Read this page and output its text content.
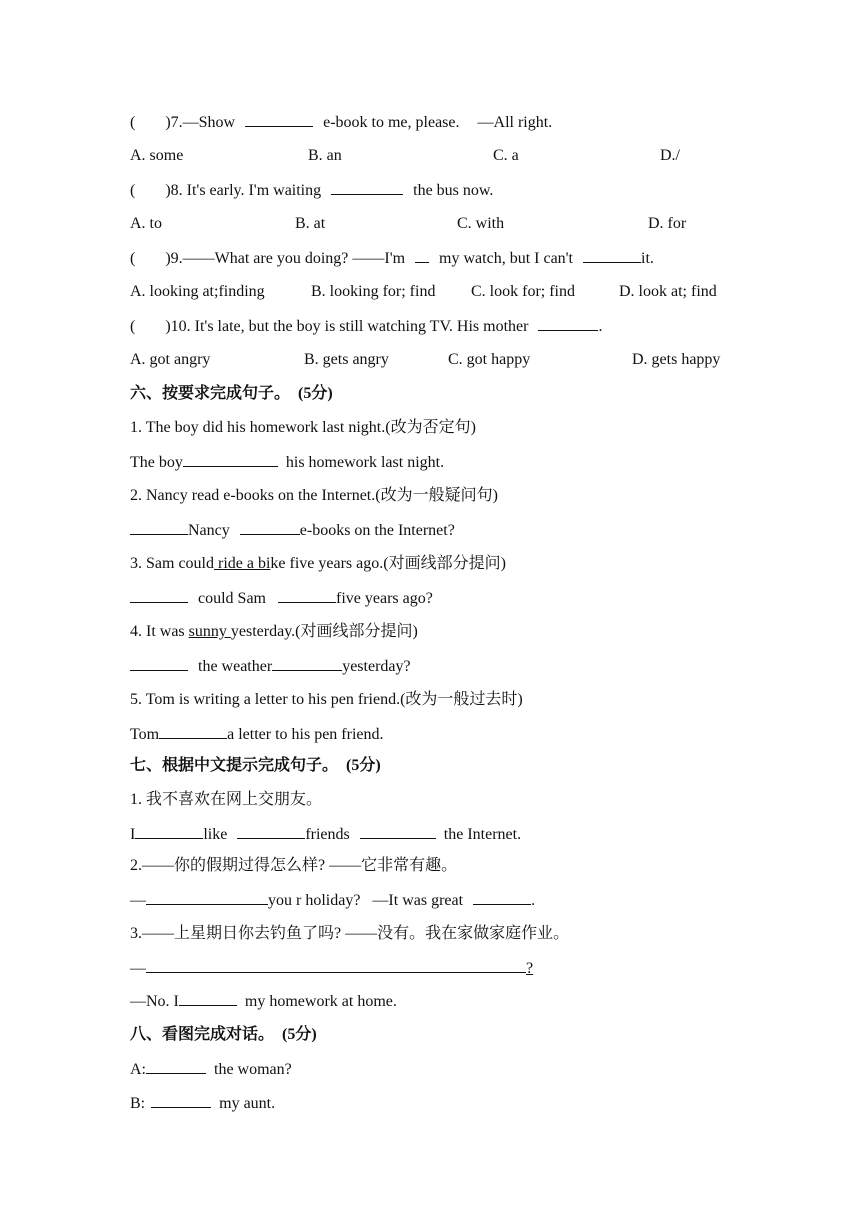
( )7.—Show	e-book to me, please. —All right.
A. some	B. an	C. a	D./
( )8. It's early. I'm waiting	the bus now.
A. to	B. at	C. with	D. for
( )9.——What are you doing? ——I'm my watch, but I can't	it.
A. looking at;finding	B. looking for; find C. look for; find	D. look at; find
( )10. It's late, but the boy is still watching TV. His mother	.
A. got angry	B. gets angry	C. got happy	D. gets happy
六、按要求完成句子。 (5分)
1. The boy did his homework last night.(改为否定句)
The boy	his homework last night.
2. Nancy read e-books on the Internet.(改为一般疑问句)
Nancy	e-books on the Internet?
3. Sam could ride a bike five years ago.(对画线部分提问)
could Sam	five years ago?
4. It was sunny yesterday.(对画线部分提问)
the weather	yesterday?
5. Tom is writing a letter to his pen friend.(改为一般过去时)
Tom	a letter to his pen friend.
七、根据中文提示完成句子。 (5分)
1. 我不喜欢在网上交朋友。
I	like	friends	the Internet.
2.——你的假期过得怎么样? ——它非常有趣。
—	you r holiday? —It was great	.
3.——上星期日你去钓鱼了吗? ——没有。我在家做家庭作业。
—	?
—No. I	my homework at home.
八、看图完成对话。 (5分)
A:	the woman?
B:	my aunt.
